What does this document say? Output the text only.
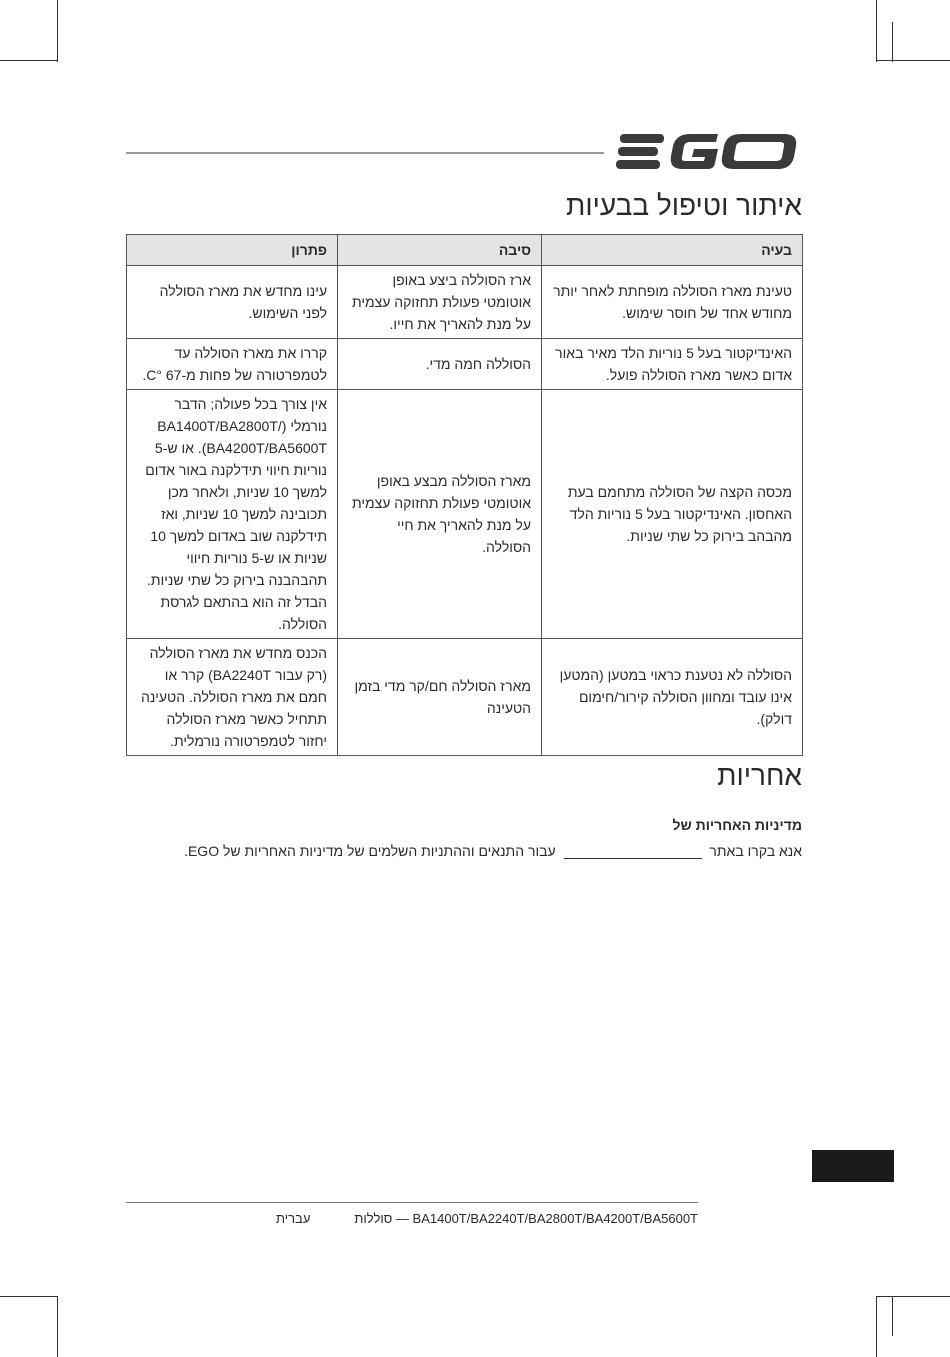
איתור וטיפול בבעיות
בעיה	סיבה	פתרון
טעינת מארז הסוללה מופחתת לאחר יותר מחודש אחד של חוסר שימוש.	ארז הסוללה ביצע באופן אוטומטי פעולת תחזוקה עצמית על מנת להאריך את חייו.	עינו מחדש את מארז הסוללה לפני השימוש.
האינדיקטור בעל 5 נוריות הלד מאיר באור אדום כאשר מארז הסוללה פועל.	הסוללה חמה מדי.	קררו את מארז הסוללה עד לטמפרטורה של פחות מ-C° 67.
מכסה הקצה של הסוללה מתחמם בעת האחסון. האינדיקטור בעל 5 נוריות הלד מהבהב בירוק כל שתי שניות.	מארז הסוללה מבצע באופן אוטומטי פעולת תחזוקה עצמית על מנת להאריך את חיי הסוללה.	אין צורך בכל פעולה; הדבר נורמלי (/BA1400T/BA2800T BA4200T/BA5600T). או ש-5 נוריות חיווי תידלקנה באור אדום למשך 10 שניות, ולאחר מכן תכובינה למשך 10 שניות, ואז תידלקנה שוב באדום למשך 10 שניות או ש-5 נוריות חיווי תהבהבנה בירוק כל שתי שניות. הבדל זה הוא בהתאם לגרסת הסוללה.
הסוללה לא נטענת כראוי במטען (המטען אינו עובד ומחוון הסוללה קירור/חימום דולק).	מארז הסוללה חם/קר מדי בזמן הטעינה	הכנס מחדש את מארז הסוללה (רק עבור BA2240T) קרר או חמם את מארז הסוללה. הטעינה תתחיל כאשר מארז הסוללה יחזור לטמפרטורה נורמלית.
אחריות
מדיניות האחריות של
אנא בקרו באתר  עבור התנאים וההתניות השלמים של מדיניות האחריות של EGO.
BA1400T/BA2240T/BA2800T/BA4200T/BA5600T — סוללות
עברית
